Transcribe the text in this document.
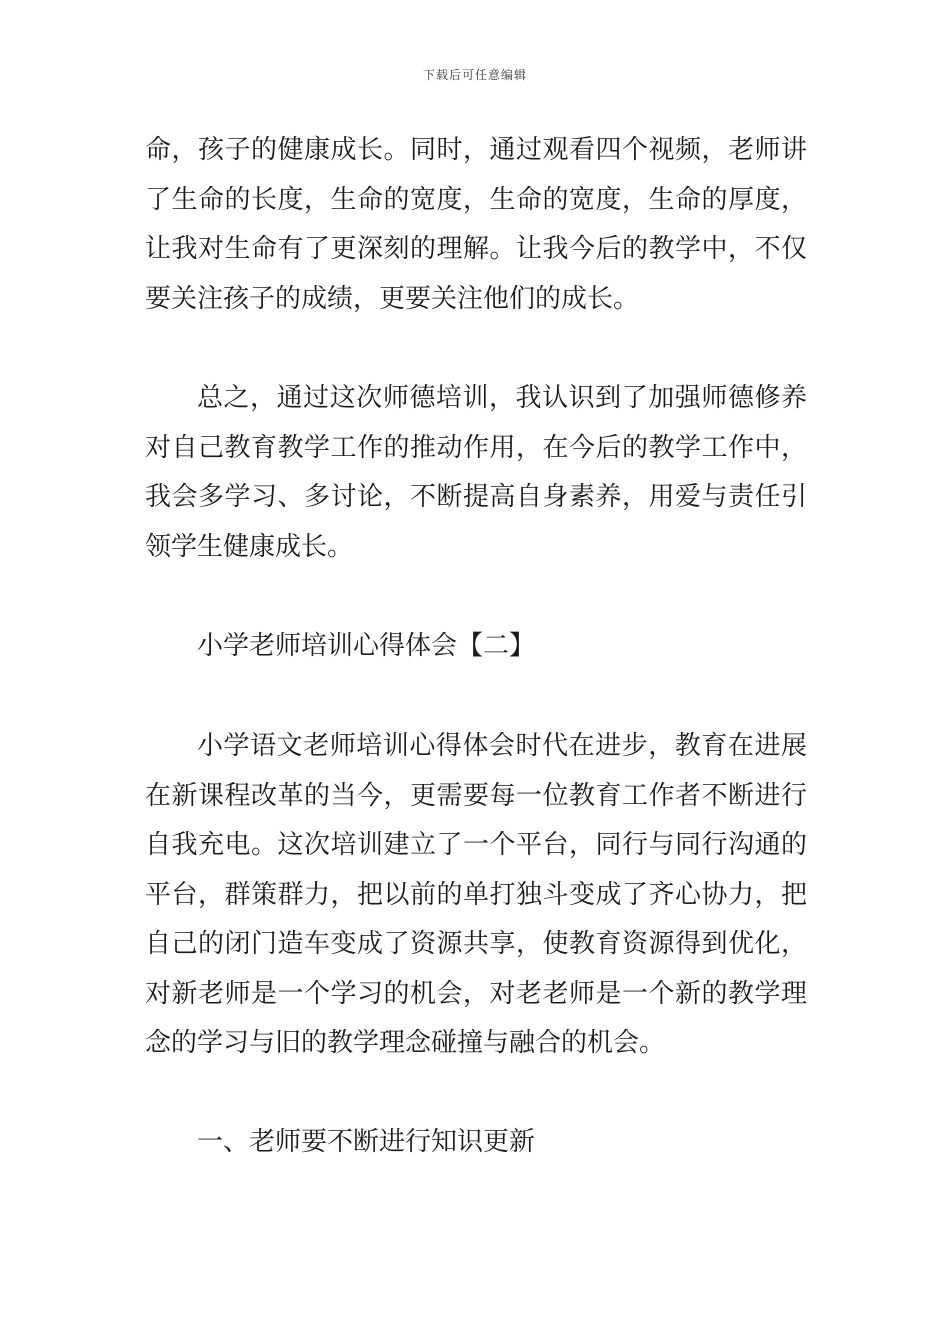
下载后可任意编辑

命，孩子的健康成长。同时，通过观看四个视频，老师讲了生命的长度，生命的宽度，生命的宽度，生命的厚度，让我对生命有了更深刻的理解。让我今后的教学中，不仅要关注孩子的成绩，更要关注他们的成长。

总之，通过这次师德培训，我认识到了加强师德修养对自己教育教学工作的推动作用，在今后的教学工作中，我会多学习、多讨论，不断提高自身素养，用爱与责任引领学生健康成长。

小学老师培训心得体会【二】

小学语文老师培训心得体会时代在进步，教育在进展在新课程改革的当今，更需要每一位教育工作者不断进行自我充电。这次培训建立了一个平台，同行与同行沟通的平台，群策群力，把以前的单打独斗变成了齐心协力，把自己的闭门造车变成了资源共享，使教育资源得到优化，对新老师是一个学习的机会，对老老师是一个新的教学理念的学习与旧的教学理念碰撞与融合的机会。

一、老师要不断进行知识更新
